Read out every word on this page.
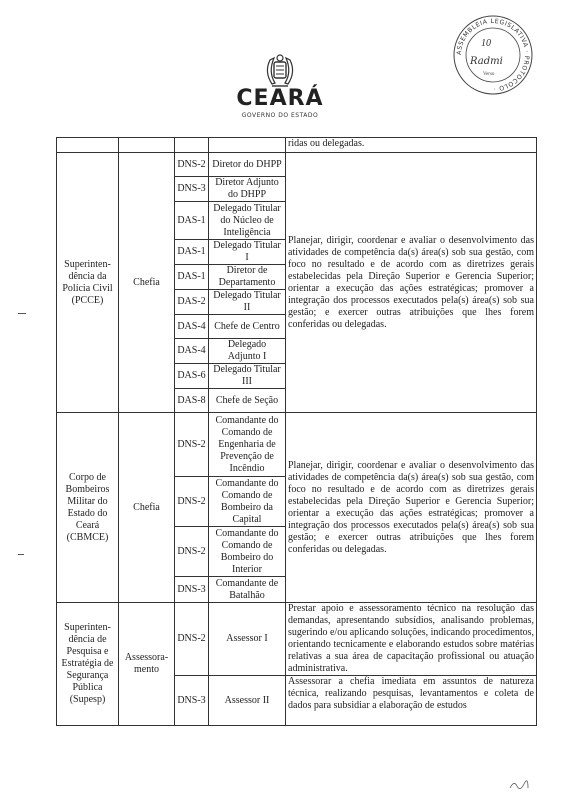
CEARÁ
GOVERNO DO ESTADO
ASSEMBLEIA LEGISLATIVA · PROTOCOLO ·
10
Radmi
Verso
				ridas ou delegadas.
Superinten-dência da Polícia Civil (PCCE)	Chefia	DNS-2	Diretor do DHPP	Planejar, dirigir, coordenar e avaliar o desenvolvimento das atividades de competência da(s) área(s) sob sua gestão, com foco no resultado e de acordo com as diretrizes gerais estabelecidas pela Direção Superior e Gerencia Superior; orientar a execução das ações estratégicas; promover a integração dos processos executados pela(s) área(s) sob sua gestão; e exercer outras atribuições que lhes forem conferidas ou delegadas.
		DNS-3	Diretor Adjunto do DHPP	
		DAS-1	Delegado Titular do Núcleo de Inteligência	
		DAS-1	Delegado Titular I	
		DAS-1	Diretor de Departamento	
		DAS-2	Delegado Titular II	
		DAS-4	Chefe de Centro	
		DAS-4	Delegado Adjunto I	
		DAS-6	Delegado Titular III	
		DAS-8	Chefe de Seção	
Corpo de Bombeiros Militar do Estado do Ceará (CBMCE)	Chefia	DNS-2	Comandante do Comando de Engenharia de Prevenção de Incêndio	Planejar, dirigir, coordenar e avaliar o desenvolvimento das atividades de competência da(s) área(s) sob sua gestão, com foco no resultado e de acordo com as diretrizes gerais estabelecidas pela Direção Superior e Gerencia Superior; orientar a execução das ações estratégicas; promover a integração dos processos executados pela(s) área(s) sob sua gestão; e exercer outras atribuições que lhes forem conferidas ou delegadas.
		DNS-2	Comandante do Comando de Bombeiro da Capital	
		DNS-2	Comandante do Comando de Bombeiro do Interior	
		DNS-3	Comandante de Batalhão	
Superinten-dência de Pesquisa e Estratégia de Segurança Pública (Supesp)	Assessora-mento	DNS-2	Assessor I	Prestar apoio e assessoramento técnico na resolução das demandas, apresentando subsídios, analisando problemas, sugerindo e/ou aplicando soluções, indicando procedimentos, orientando tecnicamente e elaborando estudos sobre matérias relativas a sua área de capacitação profissional ou atuação administrativa.
		DNS-3	Assessor II	Assessorar a chefia imediata em assuntos de natureza técnica, realizando pesquisas, levantamentos e coleta de dados para subsidiar a elaboração de estudos
